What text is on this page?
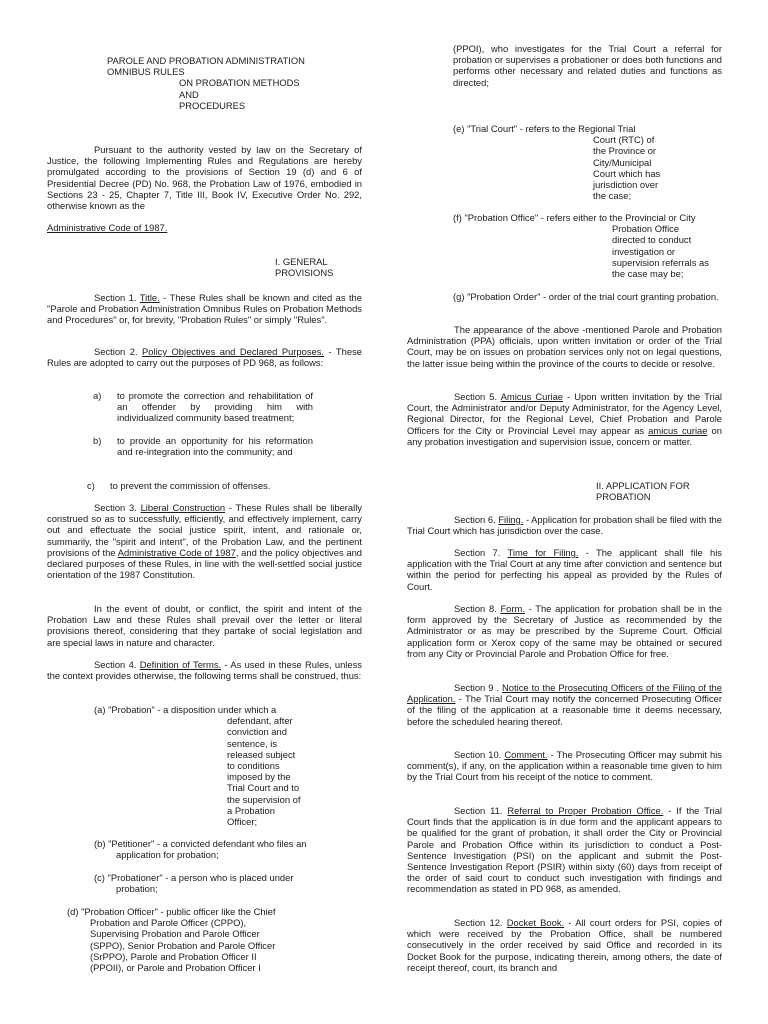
PAROLE AND PROBATION ADMINISTRATION
OMNIBUS RULES
ON PROBATION METHODS AND
PROCEDURES

Pursuant to the authority vested by law on the Secretary of Justice, the following Implementing Rules and Regulations are hereby promulgated according to the provisions of Section 19 (d) and 6 of Presidential Decree (PD) No. 968, the Probation Law of 1976, embodied in Sections 23 - 25, Chapter 7, Title III, Book IV, Executive Order No. 292, otherwise known as the

Administrative Code of 1987.

I. GENERAL
PROVISIONS

Section 1. Title. - These Rules shall be known and cited as the "Parole and Probation Administration Omnibus Rules on Probation Methods and Procedures" or, for brevity, "Probation Rules" or simply "Rules".

Section 2. Policy Objectives and Declared Purposes. - These Rules are adopted to carry out the purposes of PD 968, as follows:

a) to promote the correction and rehabilitation of an offender by providing him with individualized community based treatment;
b) to provide an opportunity for his reformation and re-integration into the community; and
c) to prevent the commission of offenses.

Section 3. Liberal Construction - These Rules shall be liberally construed so as to successfully, efficiently, and effectively implement, carry out and effectuate the social justice spirit, intent, and rationale or, summarily, the "spirit and intent", of the Probation Law, and the pertinent provisions of the Administrative Code of 1987, and the policy objectives and declared purposes of these Rules, in line with the well-settled social justice orientation of the 1987 Constitution.

In the event of doubt, or conflict, the spirit and intent of the Probation Law and these Rules shall prevail over the letter or literal provisions thereof, considering that they partake of social legislation and are special laws in nature and character.

Section 4. Definition of Terms. - As used in these Rules, unless the context provides otherwise, the following terms shall be construed, thus:

(a) "Probation" - a disposition under which a
defendant, after
conviction and
sentence, is
released subject
to conditions
imposed by the
Trial Court and to
the supervision of
a Probation
Officer;
(b) "Petitioner" - a convicted defendant who files an
application for probation;
(c) "Probationer" - a person who is placed under
probation;
(d) "Probation Officer" - public officer like the Chief
Probation and Parole Officer (CPPO),
Supervising Probation and Parole Officer
(SPPO), Senior Probation and Parole Officer
(SrPPO), Parole and Probation Officer II
(PPOII), or Parole and Probation Officer I

(PPOI), who investigates for the Trial Court a referral for probation or supervises a probationer or does both functions and performs other necessary and related duties and functions as directed;

(e) "Trial Court" - refers to the Regional Trial
Court (RTC) of
the Province or
City/Municipal
Court which has
jurisdiction over
the case;
(f) "Probation Office" - refers either to the Provincial or City
Probation Office
directed to conduct
investigation or
supervision referrals as
the case may be;

(g) "Probation Order" - order of the trial court granting probation.

The appearance of the above -mentioned Parole and Probation Administration (PPA) officials, upon written invitation or order of the Trial Court, may be on issues on probation services only not on legal questions, the latter issue being within the province of the courts to decide or resolve.

Section 5. Amicus Curiae - Upon written invitation by the Trial Court, the Administrator and/or Deputy Administrator, for the Agency Level, Regional Director, for the Regional Level, Chief Probation and Parole Officers for the City or Provincial Level may appear as amicus curiae on any probation investigation and supervision issue, concern or matter.

II. APPLICATION FOR
PROBATION

Section 6. Filing. - Application for probation shall be filed with the Trial Court which has jurisdiction over the case.

Section 7. Time for Filing. - The applicant shall file his application with the Trial Court at any time after conviction and sentence but within the period for perfecting his appeal as provided by the Rules of Court.

Section 8. Form. - The application for probation shall be in the form approved by the Secretary of Justice as recommended by the Administrator or as may be prescribed by the Supreme Court. Official application form or Xerox copy of the same may be obtained or secured from any City or Provincial Parole and Probation Office for free.

Section 9 . Notice to the Prosecuting Officers of the Filing of the Application. - The Trial Court may notify the concerned Prosecuting Officer of the filing of the application at a reasonable time it deems necessary, before the scheduled hearing thereof.

Section 10. Comment. - The Prosecuting Officer may submit his comment(s), if any, on the application within a reasonable time given to him by the Trial Court from his receipt of the notice to comment.

Section 11. Referral to Proper Probation Office. - If the Trial Court finds that the application is in due form and the applicant appears to be qualified for the grant of probation, it shall order the City or Provincial Parole and Probation Office within its jurisdiction to conduct a Post-Sentence Investigation (PSI) on the applicant and submit the Post-Sentence Investigation Report (PSIR) within sixty (60) days from receipt of the order of said court to conduct such investigation with findings and recommendation as stated in PD 968, as amended.

Section 12. Docket Book. - All court orders for PSI, copies of which were received by the Probation Office, shall be numbered consecutively in the order received by said Office and recorded in its Docket Book for the purpose, indicating therein, among others, the date of receipt thereof, court, its branch and
